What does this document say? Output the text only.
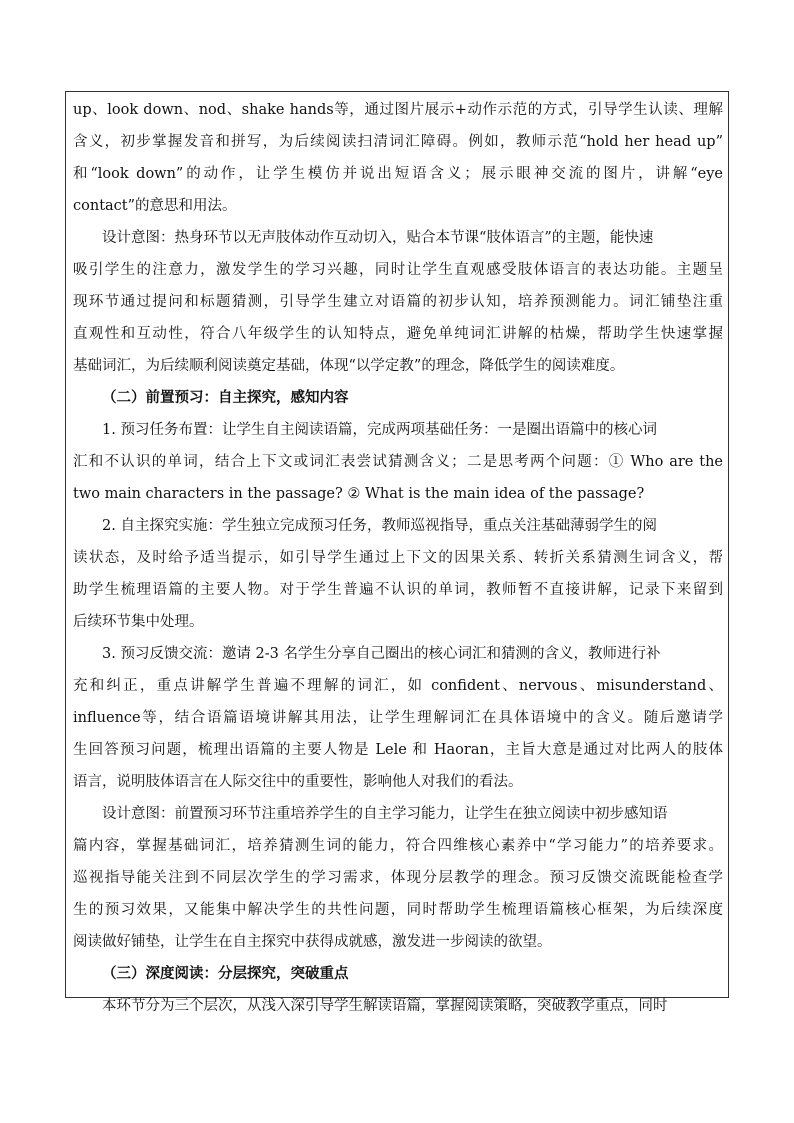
up、look down、nod、shake hands等，通过图片展示+动作示范的方式，引导学生认读、理解
含义，初步掌握发音和拼写，为后续阅读扫清词汇障碍。例如，教师示范“hold her head up”
和“look down”的动作，让学生模仿并说出短语含义；展示眼神交流的图片，讲解“eye
contact”的意思和用法。
设计意图：热身环节以无声肢体动作互动切入，贴合本节课“肢体语言”的主题，能快速
吸引学生的注意力，激发学生的学习兴趣，同时让学生直观感受肢体语言的表达功能。主题呈
现环节通过提问和标题猜测，引导学生建立对语篇的初步认知，培养预测能力。词汇铺垫注重
直观性和互动性，符合八年级学生的认知特点，避免单纯词汇讲解的枯燥，帮助学生快速掌握
基础词汇，为后续顺利阅读奠定基础，体现“以学定教”的理念，降低学生的阅读难度。
（二）前置预习：自主探究，感知内容
1. 预习任务布置：让学生自主阅读语篇，完成两项基础任务：一是圈出语篇中的核心词
汇和不认识的单词，结合上下文或词汇表尝试猜测含义；二是思考两个问题：① Who are the
two main characters in the passage? ② What is the main idea of the passage?
2. 自主探究实施：学生独立完成预习任务，教师巡视指导，重点关注基础薄弱学生的阅
读状态，及时给予适当提示，如引导学生通过上下文的因果关系、转折关系猜测生词含义，帮
助学生梳理语篇的主要人物。对于学生普遍不认识的单词，教师暂不直接讲解，记录下来留到
后续环节集中处理。
3. 预习反馈交流：邀请 2-3 名学生分享自己圈出的核心词汇和猜测的含义，教师进行补
充和纠正，重点讲解学生普遍不理解的词汇，如 confident、nervous、misunderstand、
influence等，结合语篇语境讲解其用法，让学生理解词汇在具体语境中的含义。随后邀请学
生回答预习问题，梳理出语篇的主要人物是 Lele 和 Haoran，主旨大意是通过对比两人的肢体
语言，说明肢体语言在人际交往中的重要性，影响他人对我们的看法。
设计意图：前置预习环节注重培养学生的自主学习能力，让学生在独立阅读中初步感知语
篇内容，掌握基础词汇，培养猜测生词的能力，符合四维核心素养中“学习能力”的培养要求。
巡视指导能关注到不同层次学生的学习需求，体现分层教学的理念。预习反馈交流既能检查学
生的预习效果，又能集中解决学生的共性问题，同时帮助学生梳理语篇核心框架，为后续深度
阅读做好铺垫，让学生在自主探究中获得成就感，激发进一步阅读的欲望。
（三）深度阅读：分层探究，突破重点
本环节分为三个层次，从浅入深引导学生解读语篇，掌握阅读策略，突破教学重点，同时
